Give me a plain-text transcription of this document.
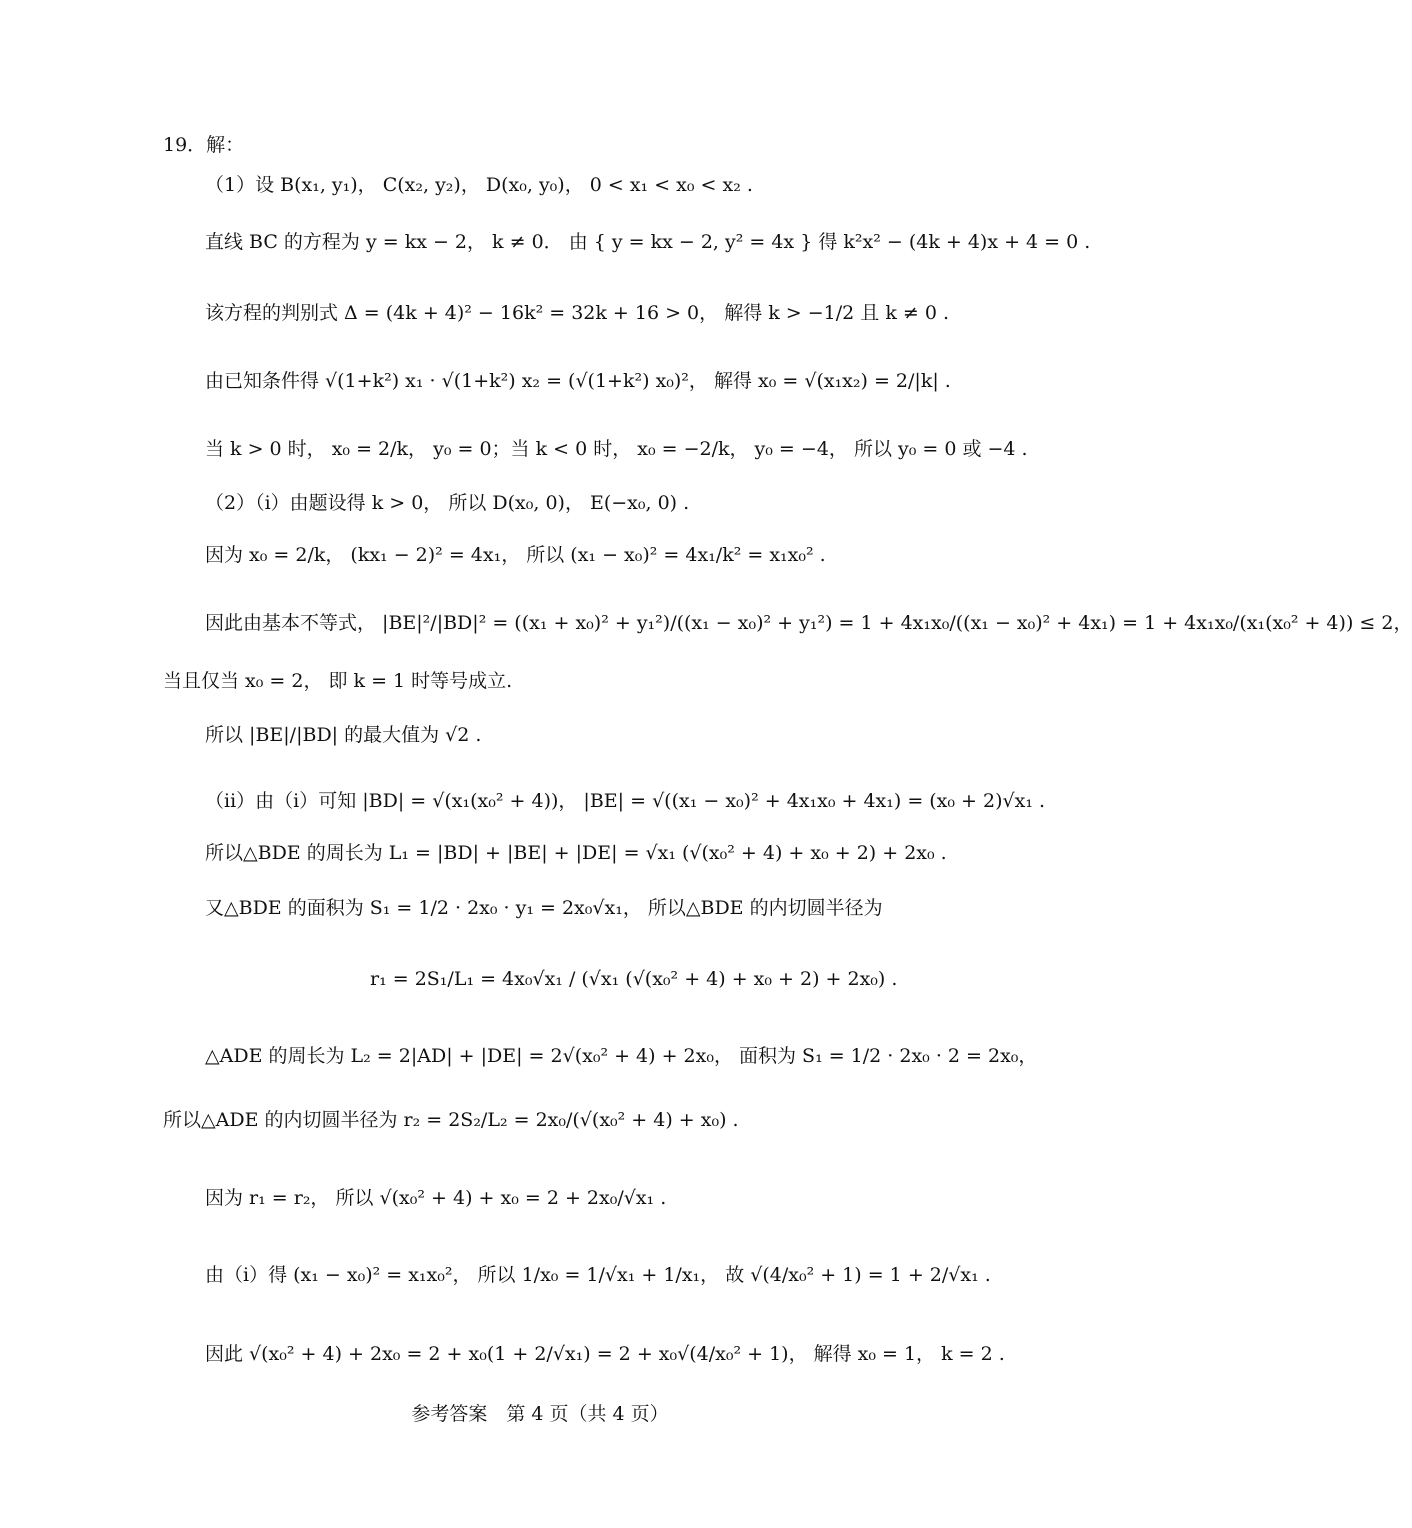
19．解：
（1）设 B(x₁, y₁)， C(x₂, y₂)， D(x₀, y₀)， 0 < x₁ < x₀ < x₂ .
直线 BC 的方程为 y = kx − 2， k ≠ 0． 由 { y = kx − 2, y² = 4x } 得 k²x² − (4k + 4)x + 4 = 0 .
该方程的判别式 Δ = (4k + 4)² − 16k² = 32k + 16 > 0， 解得 k > −1/2 且 k ≠ 0 .
由已知条件得 √(1+k²) x₁ · √(1+k²) x₂ = (√(1+k²) x₀)²， 解得 x₀ = √(x₁x₂) = 2/|k| .
当 k > 0 时， x₀ = 2/k， y₀ = 0；当 k < 0 时， x₀ = −2/k， y₀ = −4， 所以 y₀ = 0 或 −4 .
（2）（ⅰ）由题设得 k > 0， 所以 D(x₀, 0)， E(−x₀, 0) .
因为 x₀ = 2/k， (kx₁ − 2)² = 4x₁， 所以 (x₁ − x₀)² = 4x₁/k² = x₁x₀² .
因此由基本不等式， |BE|²/|BD|² = ((x₁ + x₀)² + y₁²)/((x₁ − x₀)² + y₁²) = 1 + 4x₁x₀/((x₁ − x₀)² + 4x₁) = 1 + 4x₁x₀/(x₁(x₀² + 4)) ≤ 2，
当且仅当 x₀ = 2， 即 k = 1 时等号成立.
所以 |BE|/|BD| 的最大值为 √2 .
（ⅱ）由（ⅰ）可知 |BD| = √(x₁(x₀² + 4))， |BE| = √((x₁ − x₀)² + 4x₁x₀ + 4x₁) = (x₀ + 2)√x₁ .
所以△BDE 的周长为 L₁ = |BD| + |BE| + |DE| = √x₁ (√(x₀² + 4) + x₀ + 2) + 2x₀ .
又△BDE 的面积为 S₁ = 1/2 · 2x₀ · y₁ = 2x₀√x₁， 所以△BDE 的内切圆半径为
r₁ = 2S₁/L₁ = 4x₀√x₁ / (√x₁ (√(x₀² + 4) + x₀ + 2) + 2x₀) .
△ADE 的周长为 L₂ = 2|AD| + |DE| = 2√(x₀² + 4) + 2x₀， 面积为 S₁ = 1/2 · 2x₀ · 2 = 2x₀，
所以△ADE 的内切圆半径为 r₂ = 2S₂/L₂ = 2x₀/(√(x₀² + 4) + x₀) .
因为 r₁ = r₂， 所以 √(x₀² + 4) + x₀ = 2 + 2x₀/√x₁ .
由（ⅰ）得 (x₁ − x₀)² = x₁x₀²， 所以 1/x₀ = 1/√x₁ + 1/x₁， 故 √(4/x₀² + 1) = 1 + 2/√x₁ .
因此 √(x₀² + 4) + 2x₀ = 2 + x₀(1 + 2/√x₁) = 2 + x₀√(4/x₀² + 1)， 解得 x₀ = 1， k = 2 .
参考答案　第 4 页（共 4 页）
